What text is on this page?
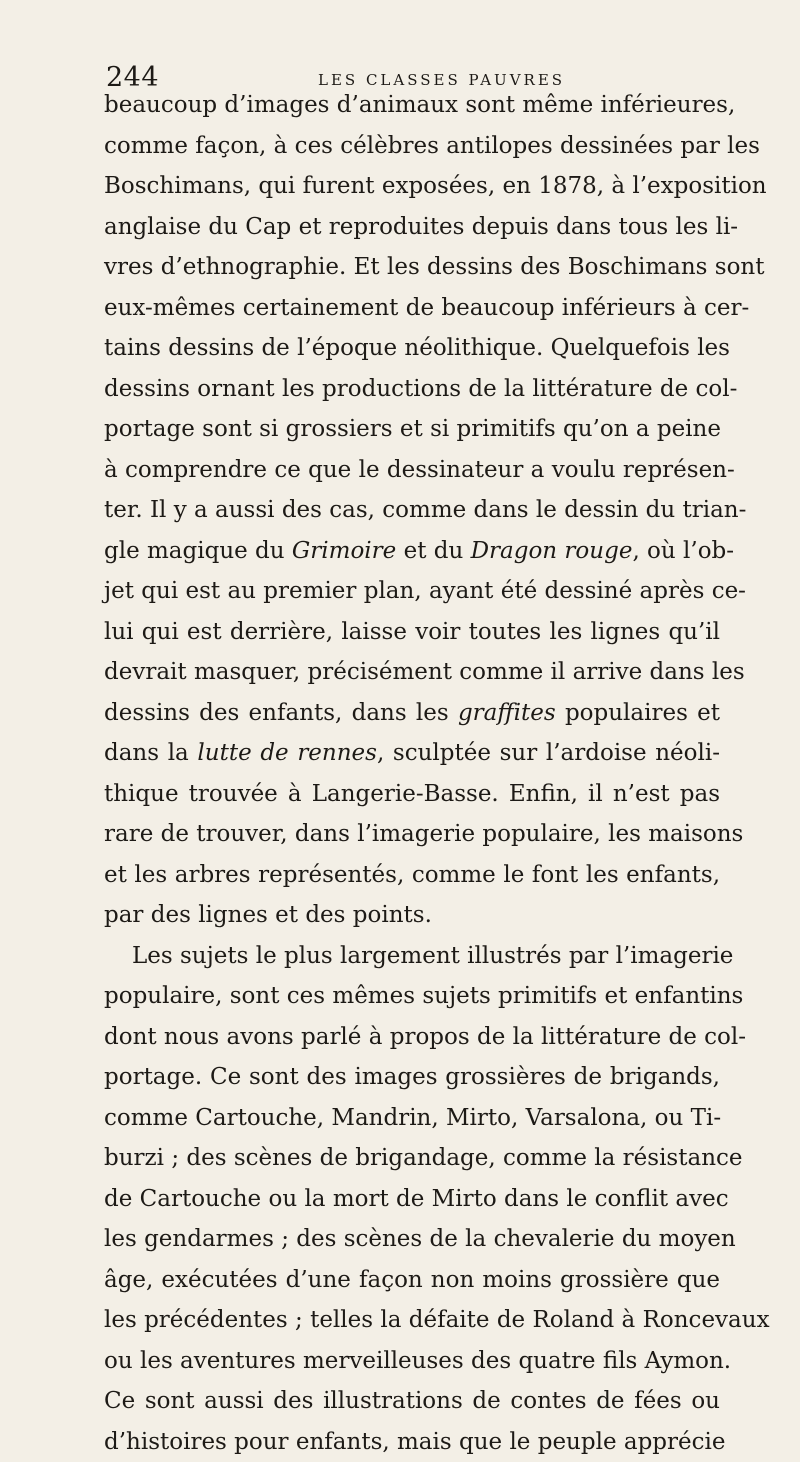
244	LES CLASSES PAUVRES
beaucoup d’images d’animaux sont même inférieures,
comme façon, à ces célèbres antilopes dessinées par les
Boschimans, qui furent exposées, en 1878, à l’exposition
anglaise du Cap et reproduites depuis dans tous les li-
vres d’ethnographie. Et les dessins des Boschimans sont
eux-mêmes certainement de beaucoup inférieurs à cer-
tains dessins de l’époque néolithique. Quelquefois les
dessins ornant les productions de la littérature de col-
portage sont si grossiers et si primitifs qu’on a peine
à comprendre ce que le dessinateur a voulu représen-
ter. Il y a aussi des cas, comme dans le dessin du trian-
gle magique du Grimoire et du Dragon rouge, où l’ob-
jet qui est au premier plan, ayant été dessiné après ce-
lui qui est derrière, laisse voir toutes les lignes qu’il
devrait masquer, précisément comme il arrive dans les
dessins des enfants, dans les graffites populaires et
dans la lutte de rennes, sculptée sur l’ardoise néoli-
thique trouvée à Langerie-Basse. Enfin, il n’est pas
rare de trouver, dans l’imagerie populaire, les maisons
et les arbres représentés, comme le font les enfants,
par des lignes et des points.
Les sujets le plus largement illustrés par l’imagerie
populaire, sont ces mêmes sujets primitifs et enfantins
dont nous avons parlé à propos de la littérature de col-
portage. Ce sont des images grossières de brigands,
comme Cartouche, Mandrin, Mirto, Varsalona, ou Ti-
burzi ; des scènes de brigandage, comme la résistance
de Cartouche ou la mort de Mirto dans le conflit avec
les gendarmes ; des scènes de la chevalerie du moyen
âge, exécutées d’une façon non moins grossière que
les précédentes ; telles la défaite de Roland à Roncevaux
ou les aventures merveilleuses des quatre fils Aymon.
Ce sont aussi des illustrations de contes de fées ou
d’histoires pour enfants, mais que le peuple apprécie
